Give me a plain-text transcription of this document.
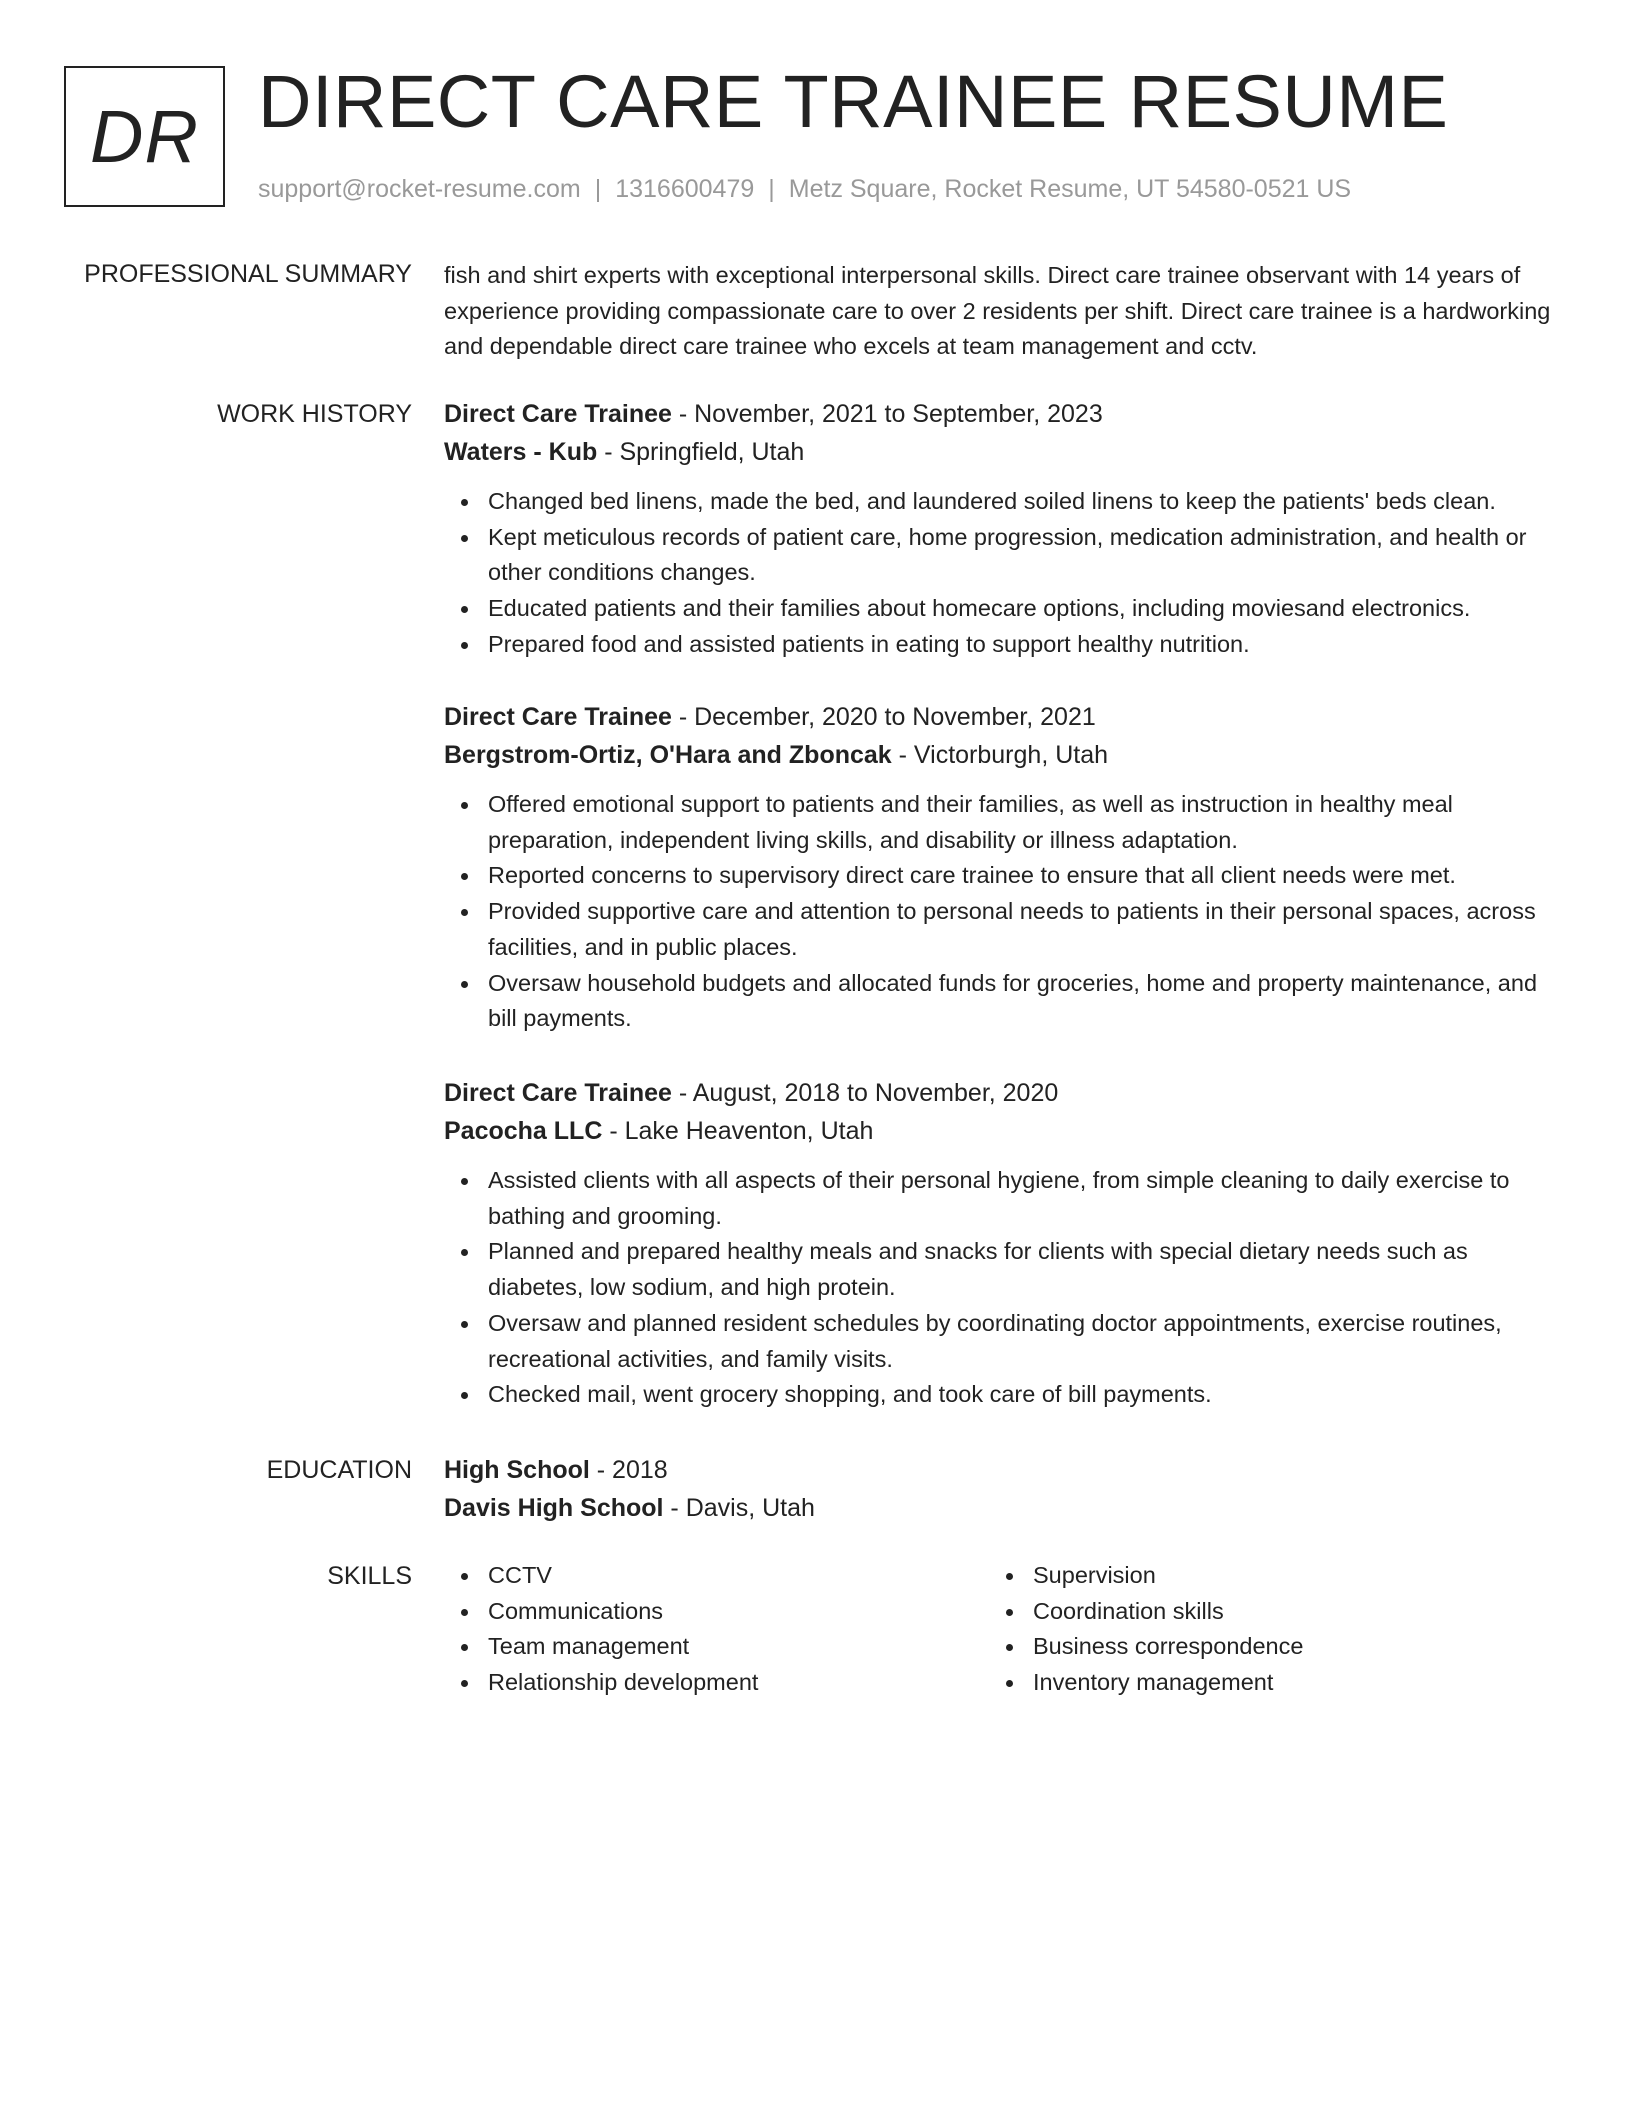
DR DIRECT CARE TRAINEE RESUME
support@rocket-resume.com | 1316600479 | Metz Square, Rocket Resume, UT 54580-0521 US
PROFESSIONAL SUMMARY fish and shirt experts with exceptional interpersonal skills. Direct care trainee observant with 14 years of experience providing compassionate care to over 2 residents per shift. Direct care trainee is a hardworking and dependable direct care trainee who excels at team management and cctv.

WORK HISTORY Direct Care Trainee - November, 2021 to September, 2023

Waters - Kub - Springfield, Utah

Changed bed linens, made the bed, and laundered soiled linens to keep the patients' beds clean.
Kept meticulous records of patient care, home progression, medication administration, and health or other conditions changes.
Educated patients and their families about homecare options, including moviesand electronics.
Prepared food and assisted patients in eating to support healthy nutrition.

Direct Care Trainee - December, 2020 to November, 2021

Bergstrom-Ortiz, O'Hara and Zboncak - Victorburgh, Utah

Offered emotional support to patients and their families, as well as instruction in healthy meal preparation, independent living skills, and disability or illness adaptation.
Reported concerns to supervisory direct care trainee to ensure that all client needs were met.
Provided supportive care and attention to personal needs to patients in their personal spaces, across facilities, and in public places.
Oversaw household budgets and allocated funds for groceries, home and property maintenance, and bill payments.

Direct Care Trainee - August, 2018 to November, 2020

Pacocha LLC - Lake Heaventon, Utah

Assisted clients with all aspects of their personal hygiene, from simple cleaning to daily exercise to bathing and grooming.
Planned and prepared healthy meals and snacks for clients with special dietary needs such as diabetes, low sodium, and high protein.
Oversaw and planned resident schedules by coordinating doctor appointments, exercise routines, recreational activities, and family visits.
Checked mail, went grocery shopping, and took care of bill payments.
EDUCATION High School - 2018

Davis High School - Davis, Utah

SKILLS	CCTV
Communications
Team management
Relationship development
Supervision
Coordination skills
Business correspondence
Inventory management
